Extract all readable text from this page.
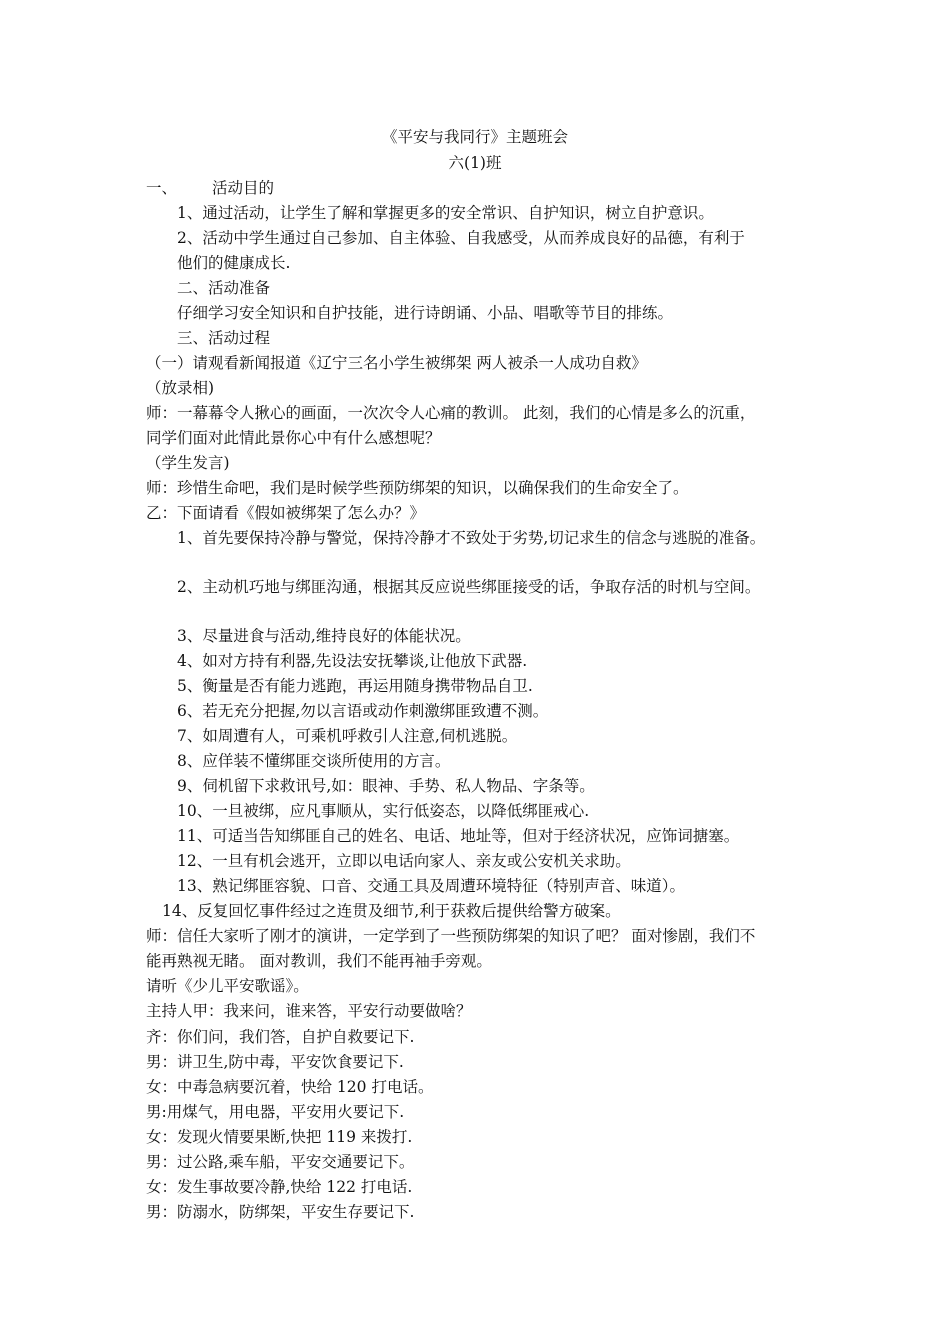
《平安与我同行》主题班会
六(1)班
一、 活动目的
1、通过活动，让学生了解和掌握更多的安全常识、自护知识，树立自护意识。
2、活动中学生通过自己参加、自主体验、自我感受，从而养成良好的品德，有利于
他们的健康成长.
二、活动准备
仔细学习安全知识和自护技能，进行诗朗诵、小品、唱歌等节目的排练。
三、活动过程
（一）请观看新闻报道《辽宁三名小学生被绑架 两人被杀一人成功自救》
（放录相)
师：一幕幕令人揪心的画面，一次次令人心痛的教训。 此刻，我们的心情是多么的沉重，
同学们面对此情此景你心中有什么感想呢？
（学生发言)
师：珍惜生命吧，我们是时候学些预防绑架的知识，以确保我们的生命安全了。
乙：下面请看《假如被绑架了怎么办？》
1、首先要保持冷静与警觉，保持冷静才不致处于劣势,切记求生的信念与逃脱的准备。
2、主动机巧地与绑匪沟通，根据其反应说些绑匪接受的话，争取存活的时机与空间。
3、尽量进食与活动,维持良好的体能状况。
4、如对方持有利器,先设法安抚攀谈,让他放下武器.
5、衡量是否有能力逃跑，再运用随身携带物品自卫.
6、若无充分把握,勿以言语或动作刺激绑匪致遭不测。
7、如周遭有人，可乘机呼救引人注意,伺机逃脱。
8、应佯装不懂绑匪交谈所使用的方言。
9、伺机留下求救讯号,如：眼神、手势、私人物品、字条等。
10、一旦被绑，应凡事顺从，实行低姿态，以降低绑匪戒心.
11、可适当告知绑匪自己的姓名、电话、地址等，但对于经济状况，应饰词搪塞。
12、一旦有机会逃开，立即以电话向家人、亲友或公安机关求助。
13、熟记绑匪容貌、口音、交通工具及周遭环境特征（特别声音、味道）。
14、反复回忆事件经过之连贯及细节,利于获救后提供给警方破案。
师：信任大家听了刚才的演讲，一定学到了一些预防绑架的知识了吧？ 面对惨剧，我们不
能再熟视无睹。 面对教训，我们不能再袖手旁观。
请听《少儿平安歌谣》。
主持人甲：我来问，谁来答，平安行动要做啥？
齐：你们问，我们答，自护自救要记下.
男：讲卫生,防中毒，平安饮食要记下.
女：中毒急病要沉着，快给 120 打电话。
男:用煤气，用电器，平安用火要记下.
女：发现火情要果断,快把 119 来拨打.
男：过公路,乘车船，平安交通要记下。
女：发生事故要冷静,快给 122 打电话.
男：防溺水，防绑架，平安生存要记下.
